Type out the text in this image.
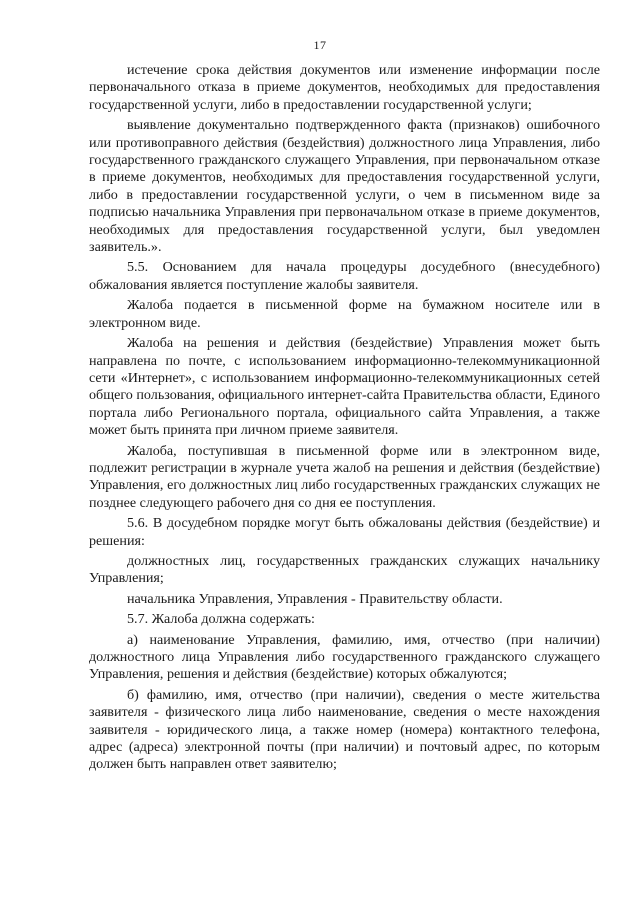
17

истечение срока действия документов или изменение информации после первоначального отказа в приеме документов, необходимых для предоставления государственной услуги, либо в предоставлении государственной услуги;

выявление документально подтвержденного факта (признаков) ошибочного или противоправного действия (бездействия) должностного лица Управления, либо государственного гражданского служащего Управления, при первоначальном отказе в приеме документов, необходимых для предоставления государственной услуги, либо в предоставлении государственной услуги, о чем в письменном виде за подписью начальника Управления при первоначальном отказе в приеме документов, необходимых для предоставления государственной услуги, был уведомлен заявитель.».

5.5. Основанием для начала процедуры досудебного (внесудебного) обжалования является поступление жалобы заявителя.

Жалоба подается в письменной форме на бумажном носителе или в электронном виде.

Жалоба на решения и действия (бездействие) Управления может быть направлена по почте, с использованием информационно-телекоммуникационной сети «Интернет», с использованием информационно-телекоммуникационных сетей общего пользования, официального интернет-сайта Правительства области, Единого портала либо Регионального портала, официального сайта Управления, а также может быть принята при личном приеме заявителя.

Жалоба, поступившая в письменной форме или в электронном виде, подлежит регистрации в журнале учета жалоб на решения и действия (бездействие) Управления, его должностных лиц либо государственных гражданских служащих не позднее следующего рабочего дня со дня ее поступления.

5.6. В досудебном порядке могут быть обжалованы действия (бездействие) и решения:

должностных лиц, государственных гражданских служащих начальнику Управления;

начальника Управления, Управления - Правительству области.

5.7. Жалоба должна содержать:

а) наименование Управления, фамилию, имя, отчество (при наличии) должностного лица Управления либо государственного гражданского служащего Управления, решения и действия (бездействие) которых обжалуются;

б) фамилию, имя, отчество (при наличии), сведения о месте жительства заявителя - физического лица либо наименование, сведения о месте нахождения заявителя - юридического лица, а также номер (номера) контактного телефона, адрес (адреса) электронной почты (при наличии) и почтовый адрес, по которым должен быть направлен ответ заявителю;
